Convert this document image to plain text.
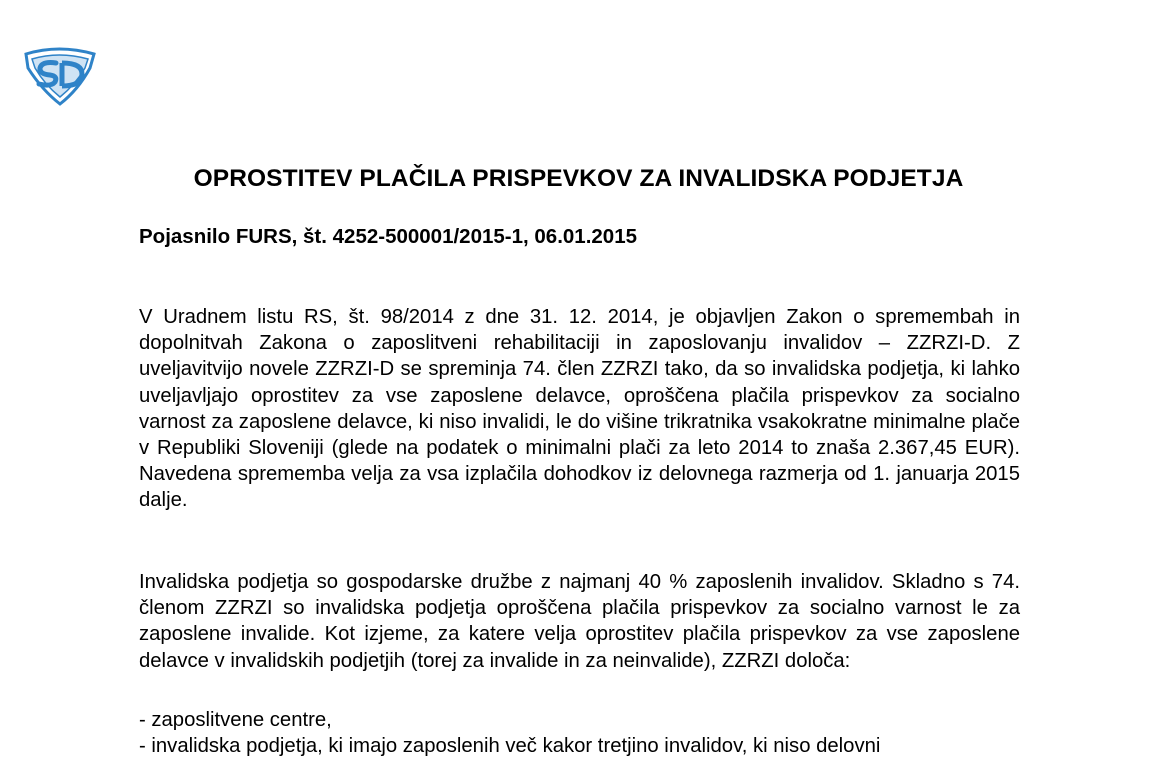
OPROSTITEV PLAČILA PRISPEVKOV ZA INVALIDSKA PODJETJA

Pojasnilo FURS, št. 4252-500001/2015-1, 06.01.2015

V Uradnem listu RS, št. 98/2014 z dne 31. 12. 2014, je objavljen Zakon o spremembah in dopolnitvah Zakona o zaposlitveni rehabilitaciji in zaposlovanju invalidov – ZZRZI-D. Z uveljavitvijo novele ZZRZI-D se spreminja 74. člen ZZRZI tako, da so invalidska podjetja, ki lahko uveljavljajo oprostitev za vse zaposlene delavce, oproščena plačila prispevkov za socialno varnost za zaposlene delavce, ki niso invalidi, le do višine trikratnika vsakokratne minimalne plače v Republiki Sloveniji (glede na podatek o minimalni plači za leto 2014 to znaša 2.367,45 EUR). Navedena sprememba velja za vsa izplačila dohodkov iz delovnega razmerja od 1. januarja 2015 dalje.

Invalidska podjetja so gospodarske družbe z najmanj 40 % zaposlenih invalidov. Skladno s 74. členom ZZRZI so invalidska podjetja oproščena plačila prispevkov za socialno varnost le za zaposlene invalide. Kot izjeme, za katere velja oprostitev plačila prispevkov za vse zaposlene delavce v invalidskih podjetjih (torej za invalide in za neinvalide), ZZRZI določa:

- zaposlitvene centre,
- invalidska podjetja, ki imajo zaposlenih več kakor tretjino invalidov, ki niso delovni
